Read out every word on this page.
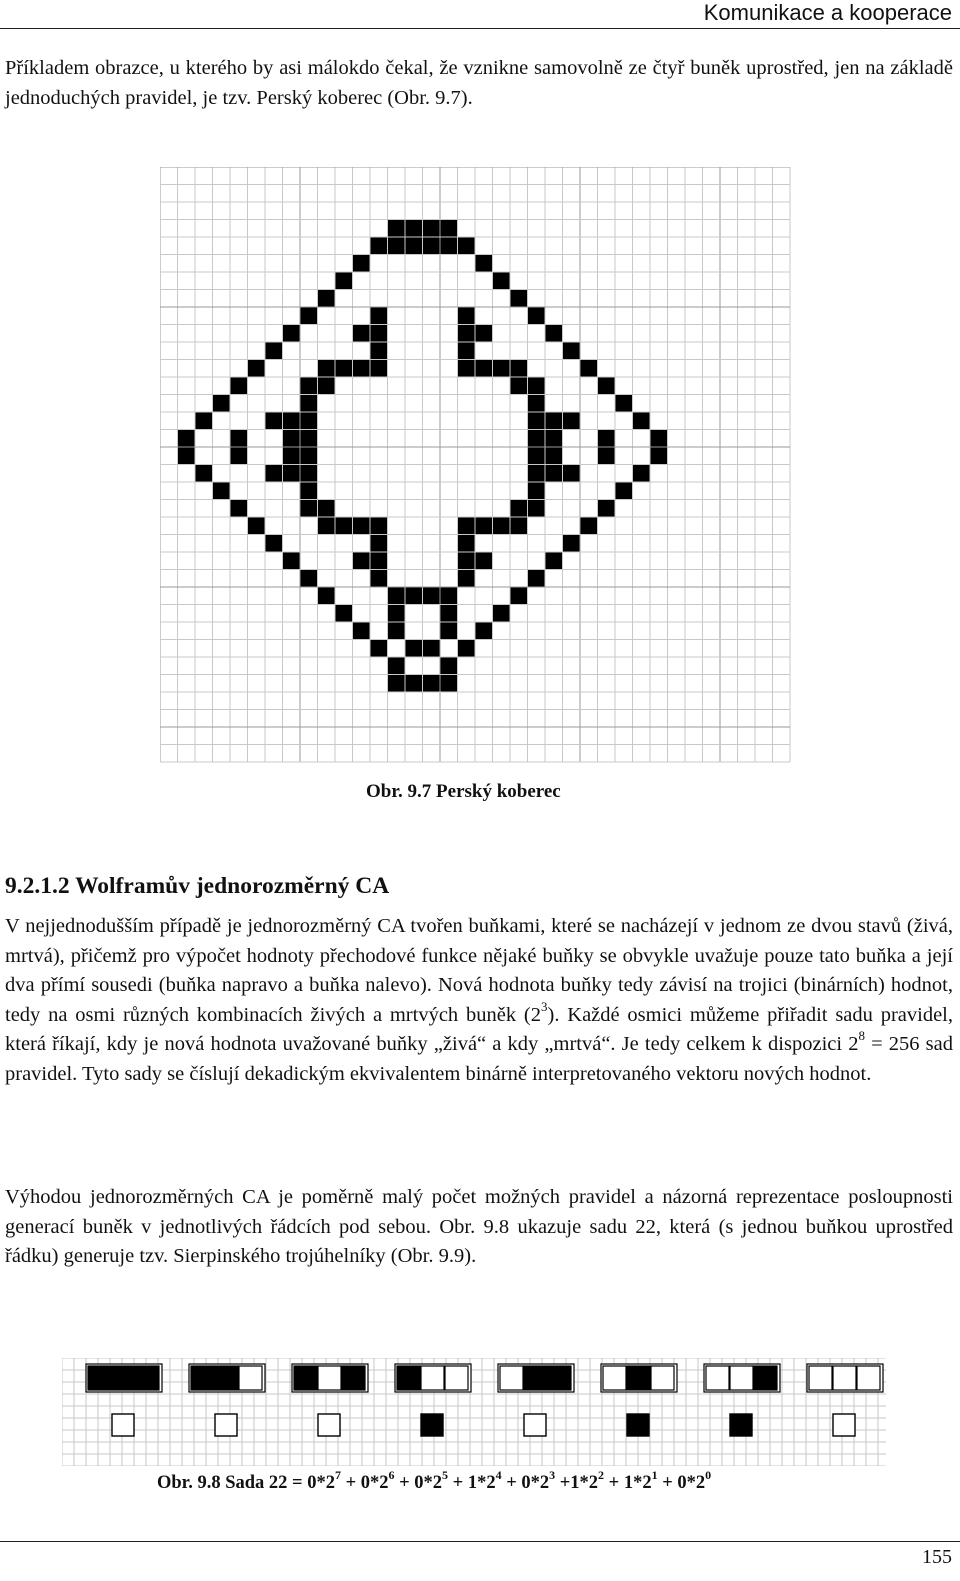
Komunikace a kooperace

Příkladem obrazce, u kterého by asi málokdo čekal, že vznikne samovolně ze čtyř buněk uprostřed, jen na základě jednoduchých pravidel, je tzv. Perský koberec (Obr. 9.7).

Obr. 9.7 Perský koberec
9.2.1.2 Wolframův jednorozměrný CA

V nejjednodušším případě je jednorozměrný CA tvořen buňkami, které se nacházejí v jednom ze dvou stavů (živá, mrtvá), přičemž pro výpočet hodnoty přechodové funkce nějaké buňky se obvykle uvažuje pouze tato buňka a její dva přímí sousedi (buňka napravo a buňka nalevo). Nová hodnota buňky tedy závisí na trojici (binárních) hodnot, tedy na osmi různých kombinacích živých a mrtvých buněk $(2^3)$. Každé osmici můžeme přiřadit sadu pravidel, která říkají, kdy je nová hodnota uvažované buňky „živá“ a kdy „mrtvá“. Je tedy celkem k dispozici $2^8 = 256$ sad pravidel. Tyto sady se číslují dekadickým ekvivalentem binárně interpretovaného vektoru nových hodnot.

Výhodou jednorozměrných CA je poměrně malý počet možných pravidel a názorná reprezentace posloupnosti generací buněk v jednotlivých řádcích pod sebou. Obr. 9.8 ukazuje sadu 22, která (s jednou buňkou uprostřed řádku) generuje tzv. Sierpinského trojúhelníky (Obr. 9.9).

Obr. 9.8 Sada $22 = 0*2^7 + 0*2^6 + 0*2^5 + 1*2^4 + 0*2^3 +1*2^2 + 1*2^1 + 0*2^0$
155
